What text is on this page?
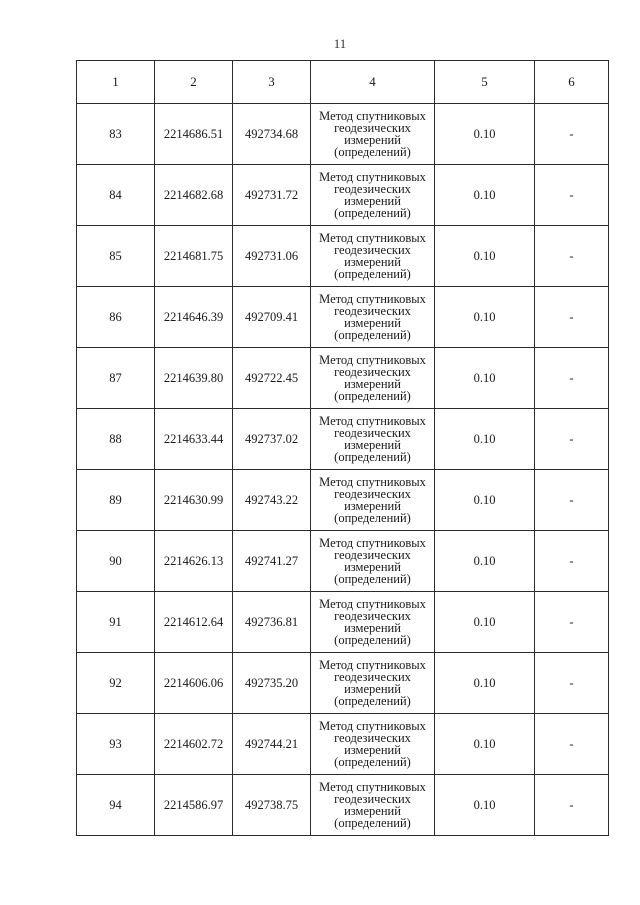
11
1	2	3	4	5	6
83	2214686.51	492734.68	Метод спутниковых
геодезических
измерений
(определений)	0.10	-
84	2214682.68	492731.72	Метод спутниковых
геодезических
измерений
(определений)	0.10	-
85	2214681.75	492731.06	Метод спутниковых
геодезических
измерений
(определений)	0.10	-
86	2214646.39	492709.41	Метод спутниковых
геодезических
измерений
(определений)	0.10	-
87	2214639.80	492722.45	Метод спутниковых
геодезических
измерений
(определений)	0.10	-
88	2214633.44	492737.02	Метод спутниковых
геодезических
измерений
(определений)	0.10	-
89	2214630.99	492743.22	Метод спутниковых
геодезических
измерений
(определений)	0.10	-
90	2214626.13	492741.27	Метод спутниковых
геодезических
измерений
(определений)	0.10	-
91	2214612.64	492736.81	Метод спутниковых
геодезических
измерений
(определений)	0.10	-
92	2214606.06	492735.20	Метод спутниковых
геодезических
измерений
(определений)	0.10	-
93	2214602.72	492744.21	Метод спутниковых
геодезических
измерений
(определений)	0.10	-
94	2214586.97	492738.75	Метод спутниковых
геодезических
измерений
(определений)	0.10	-
